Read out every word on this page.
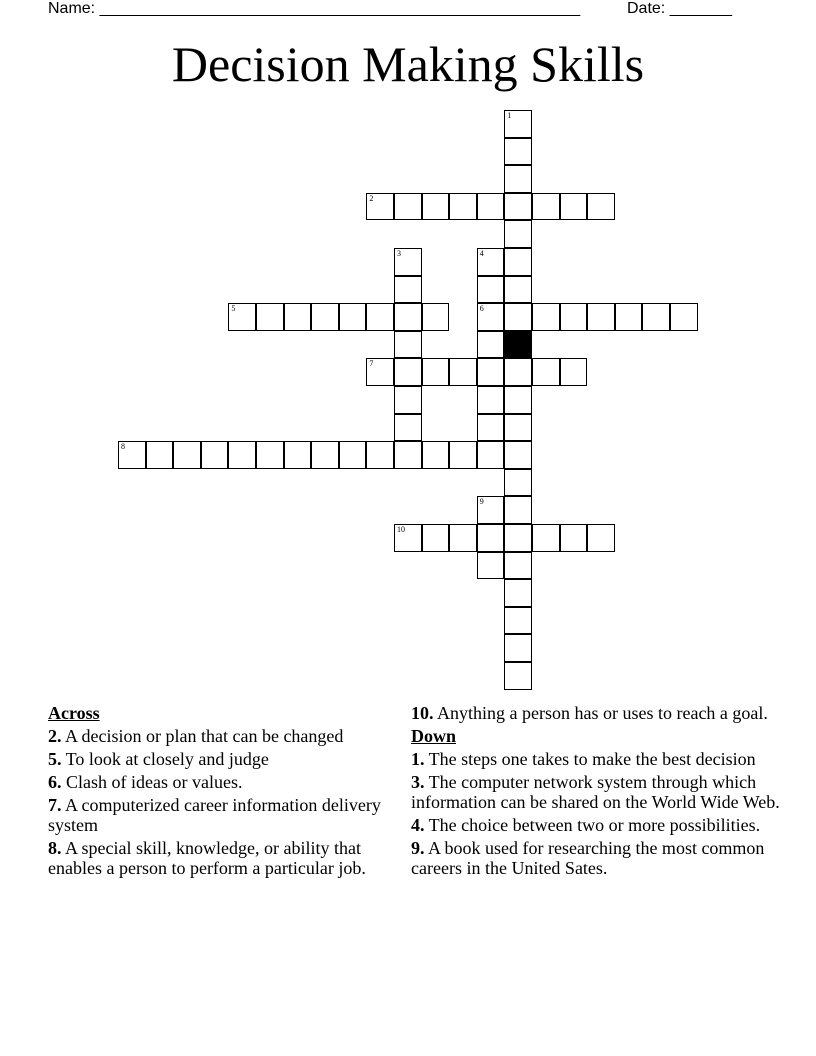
Name: ______________________________________________________	Date: _______
Decision Making Skills
1
2
3	4
6
5
7
8
9
10
Across
2. A decision or plan that can be changed
5. To look at closely and judge
6. Clash of ideas or values.
7. A computerized career information delivery system
8. A special skill, knowledge, or ability that enables a person to perform a particular job.
10. Anything a person has or uses to reach a goal.
Down
1. The steps one takes to make the best decision
3. The computer network system through which information can be shared on the World Wide Web.
4. The choice between two or more possibilities.
9. A book used for researching the most common careers in the United Sates.
